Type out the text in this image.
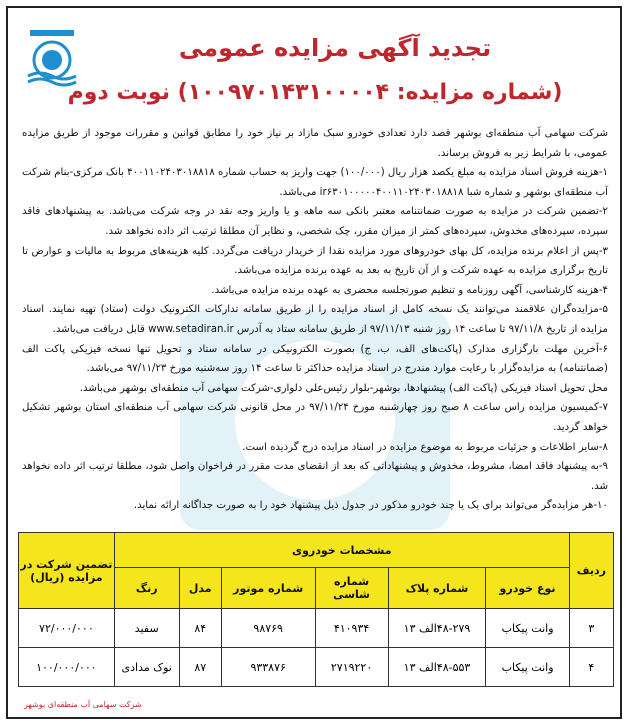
تجدید آگهی مزایده عمومی
(شماره مزایده: ۱۰۰۹۷۰۱۴۳۱۰۰۰۰۴) نوبت دوم

شرکت سهامی آب منطقه‌ای بوشهر قصد دارد تعدادی خودرو سبک مازاد بر نیاز خود را مطابق قوانین و مقررات موجود از طریق مزایده عمومی، با شرایط زیر به فروش برساند.

۱-هزینه فروش اسناد مزایده به مبلغ یکصد هزار ریال (۱۰۰/۰۰۰) جهت واریز به حساب شماره ۴۰۰۱۱۰۲۴۰۳۰۱۸۸۱۸ بانک مرکزی-بنام شرکت آب منطقه‌ای بوشهر و شماره شبا ir۶۳۰۱۰۰۰۰۰۴۰۰۱۱۰۲۴۰۳۰۱۸۸۱۸ می‌باشد.

۲-تضمین شرکت در مزایده به صورت ضمانتنامه معتبر بانکی سه ماهه و یا واریز وجه نقد در وجه شرکت می‌باشد. به پیشنهادهای فاقد سپرده، سپرده‌های مخدوش، سپرده‌های کمتر از میزان مقرر، چک شخصی، و نظایر آن مطلقا ترتیب اثر داده نخواهد شد.

۳-پس از اعلام برنده مزایده، کل بهای خودروهای مورد مزایده نقدا از خریدار دریافت می‌گردد. کلیه هزینه‌های مربوط به مالیات و عوارض تا تاریخ برگزاری مزایده به عهده شرکت و از آن تاریخ به بعد به عهده برنده مزایده می‌باشد.

۴-هزینه کارشناسی، آگهی روزنامه و تنظیم صورتجلسه محضری به عهده برنده مزایده می‌باشد.

۵-مزایده‌گران علاقمند می‌توانند یک نسخه کامل از اسناد مزایده را از طریق سامانه تدارکات الکترونیک دولت (ستاد) تهیه نمایند. اسناد مزایده از تاریخ ۹۷/۱۱/۸ تا ساعت ۱۴ روز شنبه ۹۷/۱۱/۱۳ از طریق سامانه ستاد به آدرس www.setadiran.ir قابل دریافت می‌باشد.

۶-آخرین مهلت بارگزاری مدارک (پاکت‌های الف، ب، ج) بصورت الکترونیکی در سامانه ستاد و تحویل تنها نسخه فیزیکی پاکت الف (ضمانتنامه) به مزایده‌گزار با رعایت موارد مندرج در اسناد مزایده حداکثر تا ساعت ۱۴ روز سه‌شنبه مورخ ۹۷/۱۱/۲۳ می‌باشد.

محل تحویل اسناد فیزیکی (پاکت الف) پیشنهادها، بوشهر-بلوار رئیس‌علی دلواری-شرکت سهامی آب منطقه‌ای بوشهر می‌باشد.

۷-کمیسیون مزایده راس ساعت ۸ صبح روز چهارشنبه مورخ ۹۷/۱۱/۲۴ در محل قانونی شرکت سهامی آب منطقه‌ای استان بوشهر تشکیل خواهد گردید.

۸-سایر اطلاعات و جزئیات مربوط به موضوع مزایده در اسناد مزایده درج گردیده است.

۹-به پیشنهاد فاقد امضا، مشروط، مخدوش و پیشنهاداتی که بعد از انقضای مدت مقرر در فراخوان واصل شود، مطلقا ترتیب اثر داده نخواهد شد.

۱۰-هر مزایده‌گر می‌تواند برای یک یا چند خودرو مذکور در جدول ذیل پیشنهاد خود را به صورت جداگانه ارائه نماید.

ردیف	مشخصات خودروی						تضمین شرکت در مزایده (ریال)
	نوع خودرو	شماره پلاک	شماره شاسی	شماره موتور	مدل	رنگ	
۳	وانت پیکاب	۴۸-۲۷۹الف ۱۳	۴۱۰۹۳۴	۹۸۷۶۹	۸۴	سفید	۷۲/۰۰۰/۰۰۰
۴	وانت پیکاب	۴۸-۵۵۳الف ۱۳	۲۷۱۹۲۲۰	۹۳۳۸۷۶	۸۷	نوک مدادی	۱۰۰/۰۰۰/۰۰۰
شرکت سهامی آب منطقه‌ای بوشهر
